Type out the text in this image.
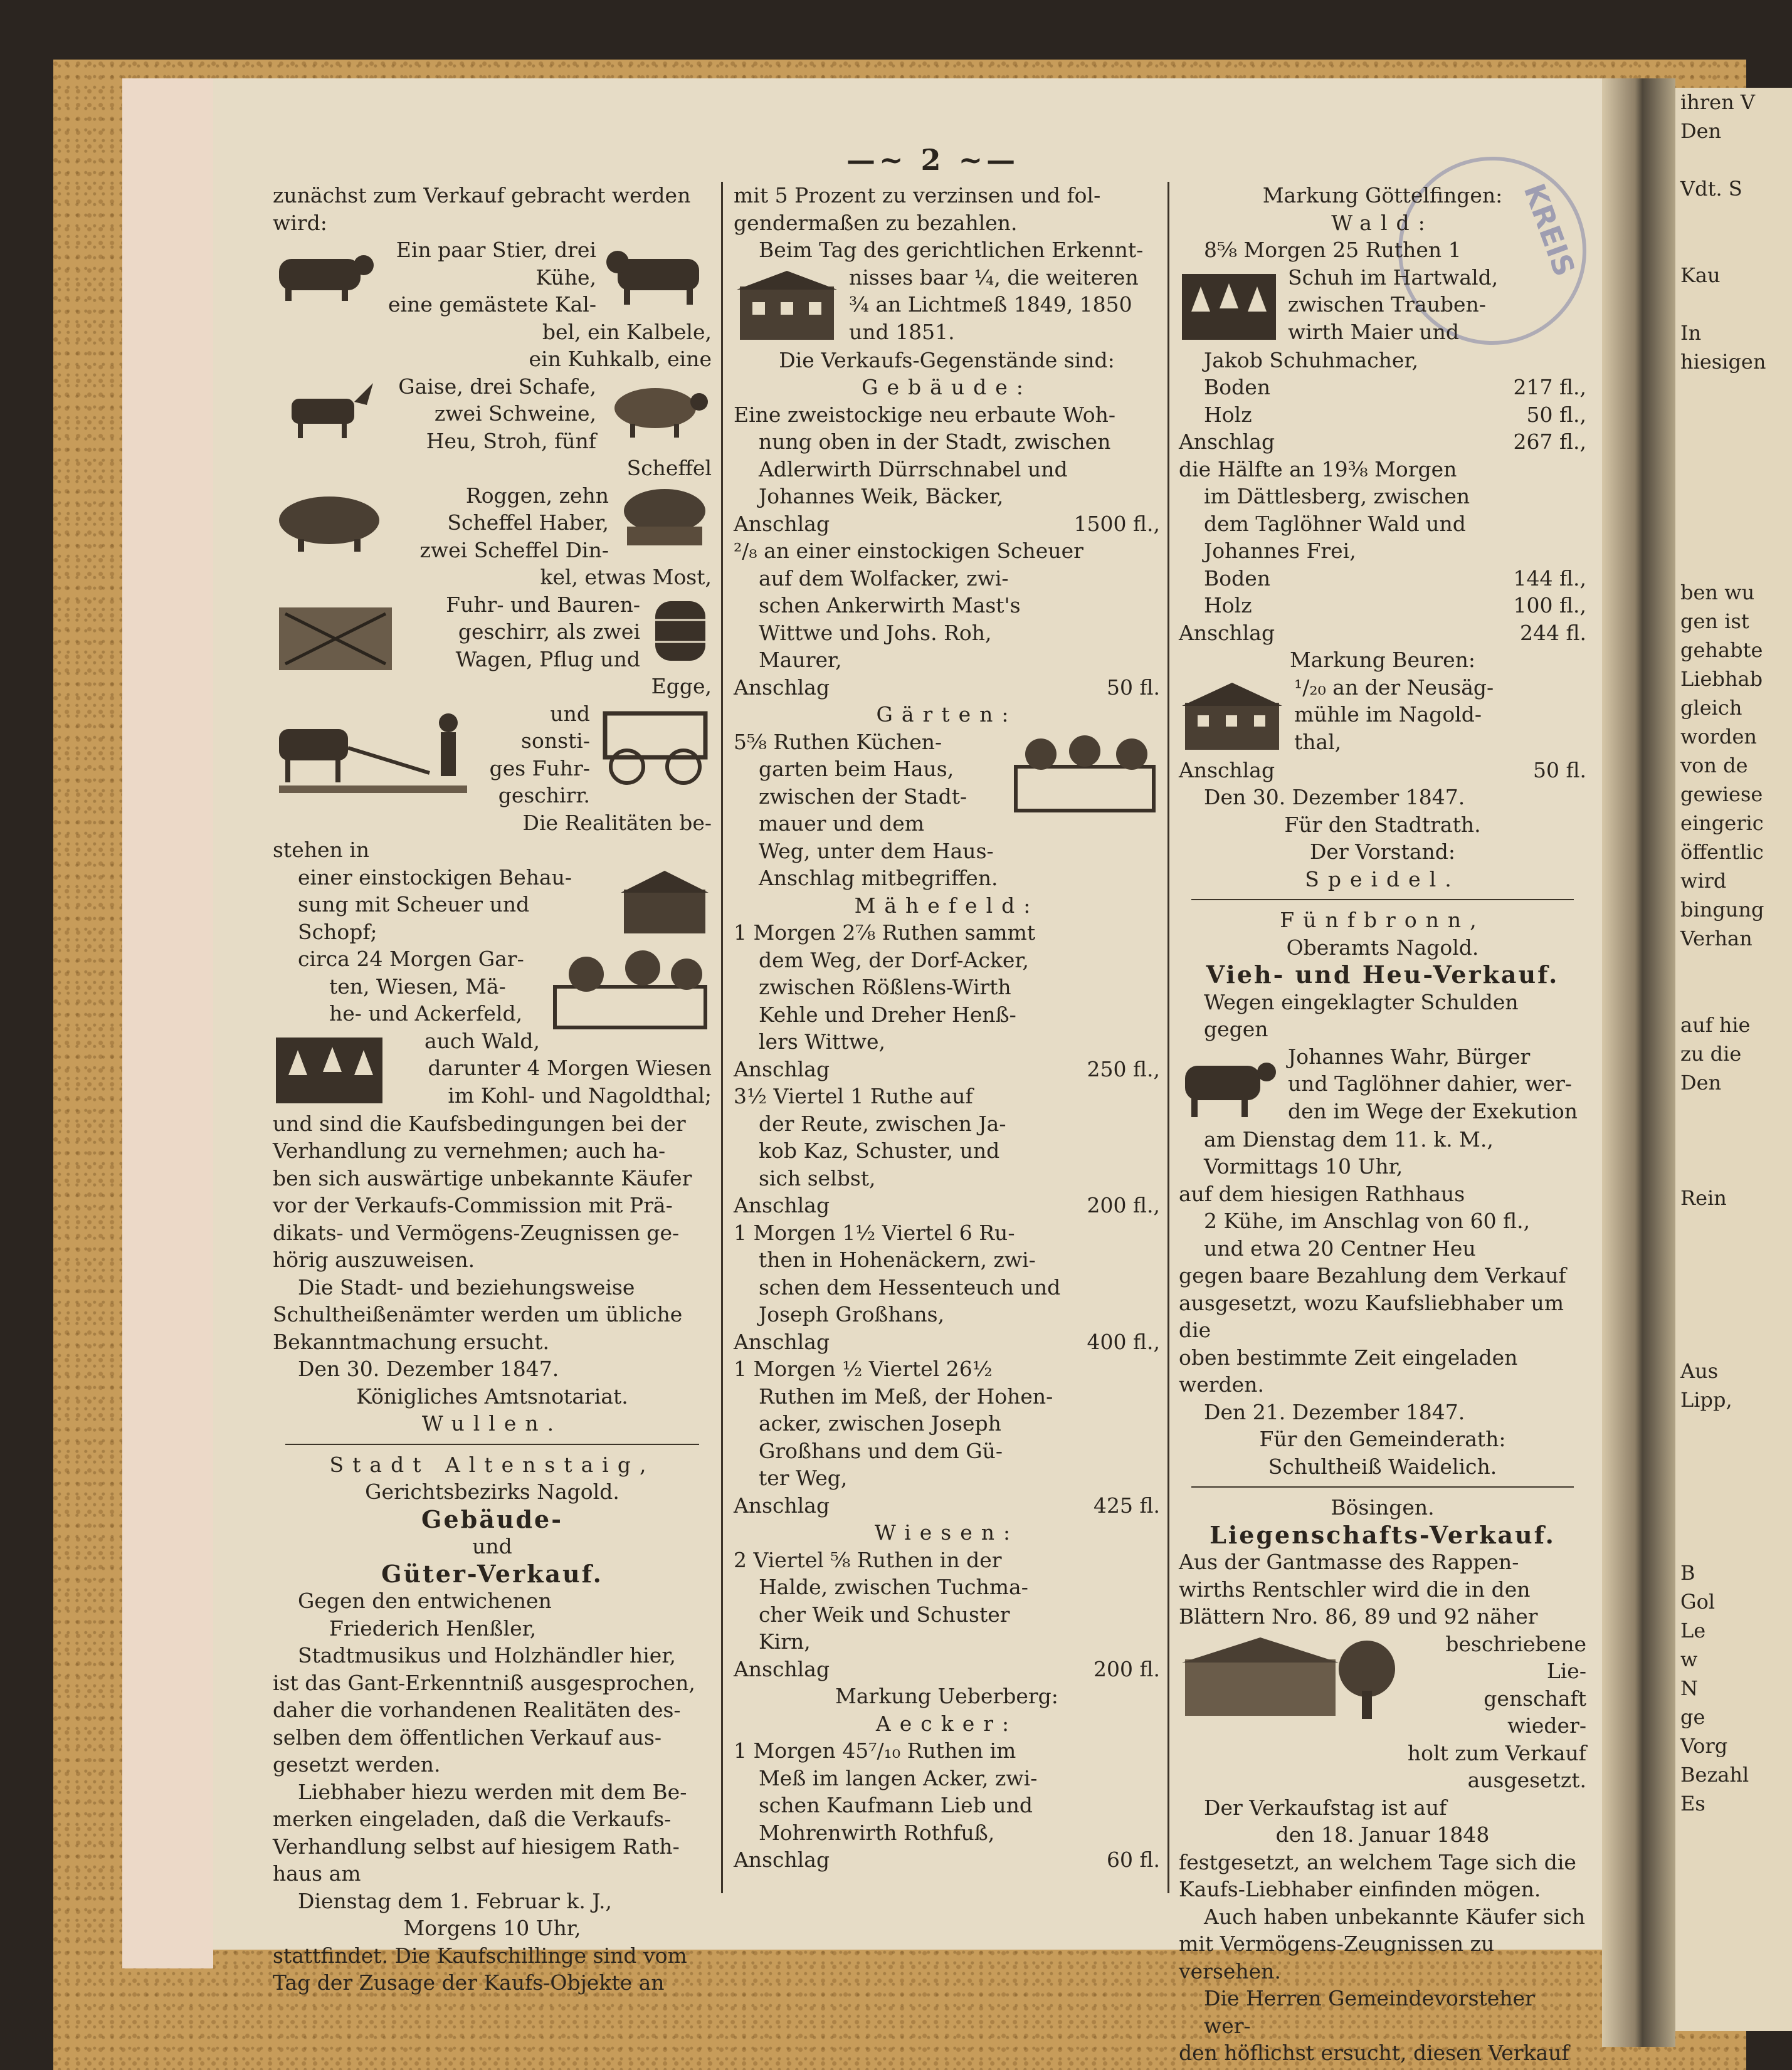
—~ 2 ~—
KREIS

zunächst zum Verkauf gebracht werden

wird:

Ein paar Stier, drei Kühe,

eine gemästete Kal-

bel, ein Kalbele,

ein Kuhkalb, eine

Gaise, drei Schafe,

zwei Schweine,

Heu, Stroh, fünf Scheffel

Roggen, zehn

Scheffel Haber,

zwei Scheffel Din-

kel, etwas Most,

Fuhr- und Bauren-

geschirr, als zwei

Wagen, Pflug und Egge,

und sonsti-

ges Fuhr-

geschirr.

Die Realitäten be-

stehen in

einer einstockigen Behau-

sung mit Scheuer und

Schopf;

circa 24 Morgen Gar-

ten, Wiesen, Mä-

he- und Ackerfeld,

auch Wald,

darunter 4 Morgen Wiesen

im Kohl- und Nagoldthal;

und sind die Kaufsbedingungen bei der

Verhandlung zu vernehmen; auch ha-

ben sich auswärtige unbekannte Käufer

vor der Verkaufs-Commission mit Prä-

dikats- und Vermögens-Zeugnissen ge-

hörig auszuweisen.

Die Stadt- und beziehungsweise

Schultheißenämter werden um übliche

Bekanntmachung ersucht.

Den 30. Dezember 1847.

Königliches Amtsnotariat.

Wullen.

Stadt Altenstaig,

Gerichtsbezirks Nagold.

Gebäude-

und

Güter-Verkauf.

Gegen den entwichenen

Friederich Henßler,

Stadtmusikus und Holzhändler hier,

ist das Gant-Erkenntniß ausgesprochen,

daher die vorhandenen Realitäten des-

selben dem öffentlichen Verkauf aus-

gesetzt werden.

Liebhaber hiezu werden mit dem Be-

merken eingeladen, daß die Verkaufs-

Verhandlung selbst auf hiesigem Rath-

haus am

Dienstag dem 1. Februar k. J.,

Morgens 10 Uhr,

stattfindet. Die Kaufschillinge sind vom

Tag der Zusage der Kaufs-Objekte an

mit 5 Prozent zu verzinsen und fol-

gendermaßen zu bezahlen.

Beim Tag des gerichtlichen Erkennt-

nisses baar ¼, die weiteren

¾ an Lichtmeß 1849, 1850

und 1851.

Die Verkaufs-Gegenstände sind:

Gebäude:

Eine zweistockige neu erbaute Woh-

nung oben in der Stadt, zwischen

Adlerwirth Dürrschnabel und

Johannes Weik, Bäcker,

Anschlag	1500 fl.,

²/₈ an einer einstockigen Scheuer

auf dem Wolfacker, zwi-

schen Ankerwirth Mast's

Wittwe und Johs. Roh,

Maurer,

Anschlag	50 fl.

Gärten:

5⅝ Ruthen Küchen-

garten beim Haus,

zwischen der Stadt-

mauer und dem

Weg, unter dem Haus-

Anschlag mitbegriffen.

Mähefeld:

1 Morgen 2⅞ Ruthen sammt

dem Weg, der Dorf-Acker,

zwischen Rößlens-Wirth

Kehle und Dreher Henß-

lers Wittwe,

Anschlag	250 fl.,

3½ Viertel 1 Ruthe auf

der Reute, zwischen Ja-

kob Kaz, Schuster, und

sich selbst,

Anschlag	200 fl.,

1 Morgen 1½ Viertel 6 Ru-

then in Hohenäckern, zwi-

schen dem Hessenteuch und

Joseph Großhans,

Anschlag	400 fl.,

1 Morgen ½ Viertel 26½

Ruthen im Meß, der Hohen-

acker, zwischen Joseph

Großhans und dem Gü-

ter Weg,

Anschlag	425 fl.

Wiesen:

2 Viertel ⅝ Ruthen in der

Halde, zwischen Tuchma-

cher Weik und Schuster

Kirn,

Anschlag	200 fl.

Markung Ueberberg:

Aecker:

1 Morgen 45⁷/₁₀ Ruthen im

Meß im langen Acker, zwi-

schen Kaufmann Lieb und

Mohrenwirth Rothfuß,

Anschlag	60 fl.

Markung Göttelfingen:

Wald:

8⅝ Morgen 25 Ruthen 1

Schuh im Hartwald,

zwischen Trauben-

wirth Maier und

Jakob Schuhmacher,

Boden	217 fl.,
Holz	50 fl.,
Anschlag	267 fl.,

die Hälfte an 19⅜ Morgen

im Dättlesberg, zwischen

dem Taglöhner Wald und

Johannes Frei,

Boden	144 fl.,
Holz	100 fl.,
Anschlag	244 fl.

Markung Beuren:

¹/₂₀ an der Neusäg-

mühle im Nagold-

thal,

Anschlag	50 fl.

Den 30. Dezember 1847.

Für den Stadtrath.

Der Vorstand:

Speidel.

Fünfbronn,

Oberamts Nagold.

Vieh- und Heu-Verkauf.

Wegen eingeklagter Schulden gegen

Johannes Wahr, Bürger

und Taglöhner dahier, wer-

den im Wege der Exekution

am Dienstag dem 11. k. M.,

Vormittags 10 Uhr,

auf dem hiesigen Rathhaus

2 Kühe, im Anschlag von 60 fl.,

und etwa 20 Centner Heu

gegen baare Bezahlung dem Verkauf

ausgesetzt, wozu Kaufsliebhaber um die

oben bestimmte Zeit eingeladen werden.

Den 21. Dezember 1847.

Für den Gemeinderath:

Schultheiß Waidelich.

Bösingen.

Liegenschafts-Verkauf.

Aus der Gantmasse des Rappen-

wirths Rentschler wird die in den

Blättern Nro. 86, 89 und 92 näher

beschriebene Lie-

genschaft wieder-

holt zum Verkauf

ausgesetzt.

Der Verkaufstag ist auf

den 18. Januar 1848

festgesetzt, an welchem Tage sich die

Kaufs-Liebhaber einfinden mögen.

Auch haben unbekannte Käufer sich

mit Vermögens-Zeugnissen zu versehen.

Die Herren Gemeindevorsteher wer-

den höflichst ersucht, diesen Verkauf

ihren V
Den

Vdt. S

Kau

In
hiesigen

ben wu
gen ist
gehabte
Liebhab
gleich
worden
von de
gewiese
eingeric
öffentlic
wird
bingung
Verhan

auf hie
zu die
Den

Rein

Aus
Lipp,

B
Gol
Le
w
N
ge
Vorg
Bezahl
Es
